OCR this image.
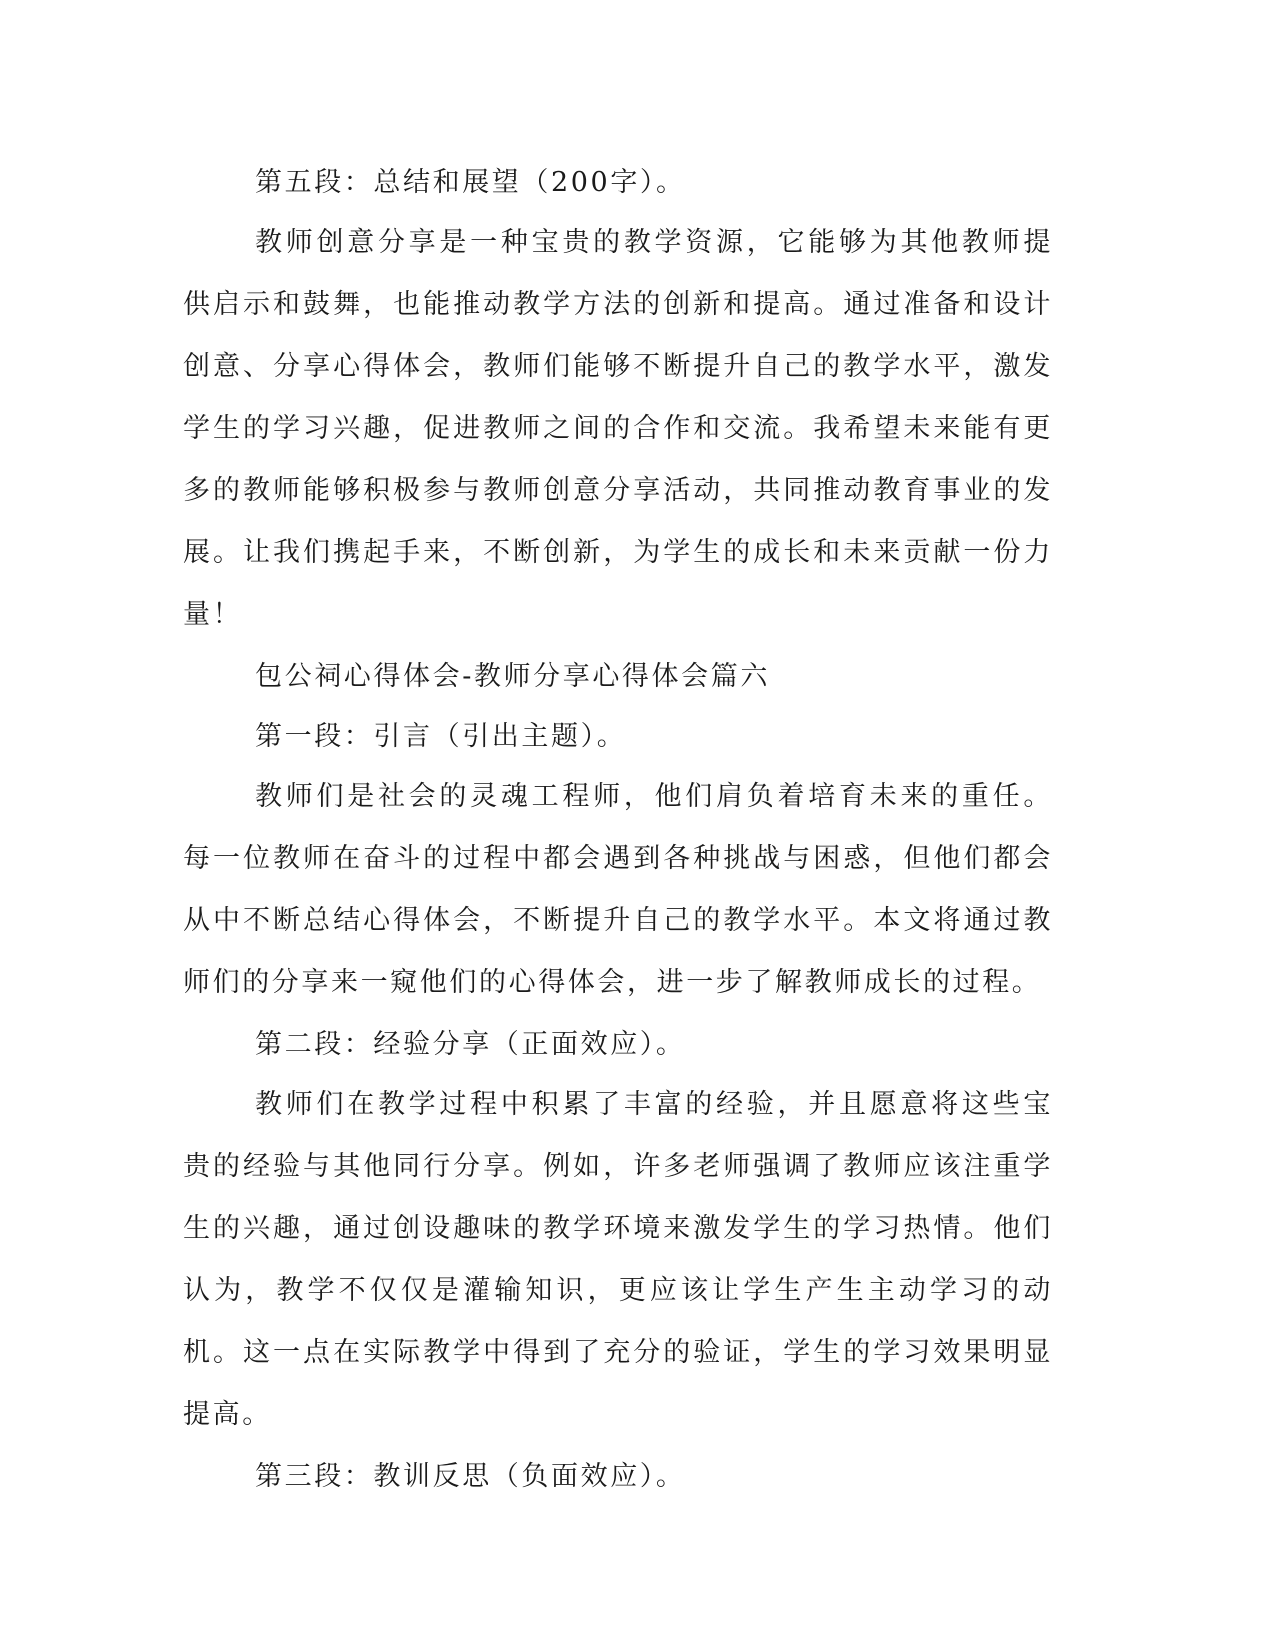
第五段：总结和展望（200字）。

教师创意分享是一种宝贵的教学资源，它能够为其他教师提供启示和鼓舞，也能推动教学方法的创新和提高。通过准备和设计创意、分享心得体会，教师们能够不断提升自己的教学水平，激发学生的学习兴趣，促进教师之间的合作和交流。我希望未来能有更多的教师能够积极参与教师创意分享活动，共同推动教育事业的发展。让我们携起手来，不断创新，为学生的成长和未来贡献一份力量！

包公祠心得体会-教师分享心得体会篇六

第一段：引言（引出主题）。

教师们是社会的灵魂工程师，他们肩负着培育未来的重任。每一位教师在奋斗的过程中都会遇到各种挑战与困惑，但他们都会从中不断总结心得体会，不断提升自己的教学水平。本文将通过教师们的分享来一窥他们的心得体会，进一步了解教师成长的过程。

第二段：经验分享（正面效应）。

教师们在教学过程中积累了丰富的经验，并且愿意将这些宝贵的经验与其他同行分享。例如，许多老师强调了教师应该注重学生的兴趣，通过创设趣味的教学环境来激发学生的学习热情。他们认为，教学不仅仅是灌输知识，更应该让学生产生主动学习的动机。这一点在实际教学中得到了充分的验证，学生的学习效果明显提高。

第三段：教训反思（负面效应）。
